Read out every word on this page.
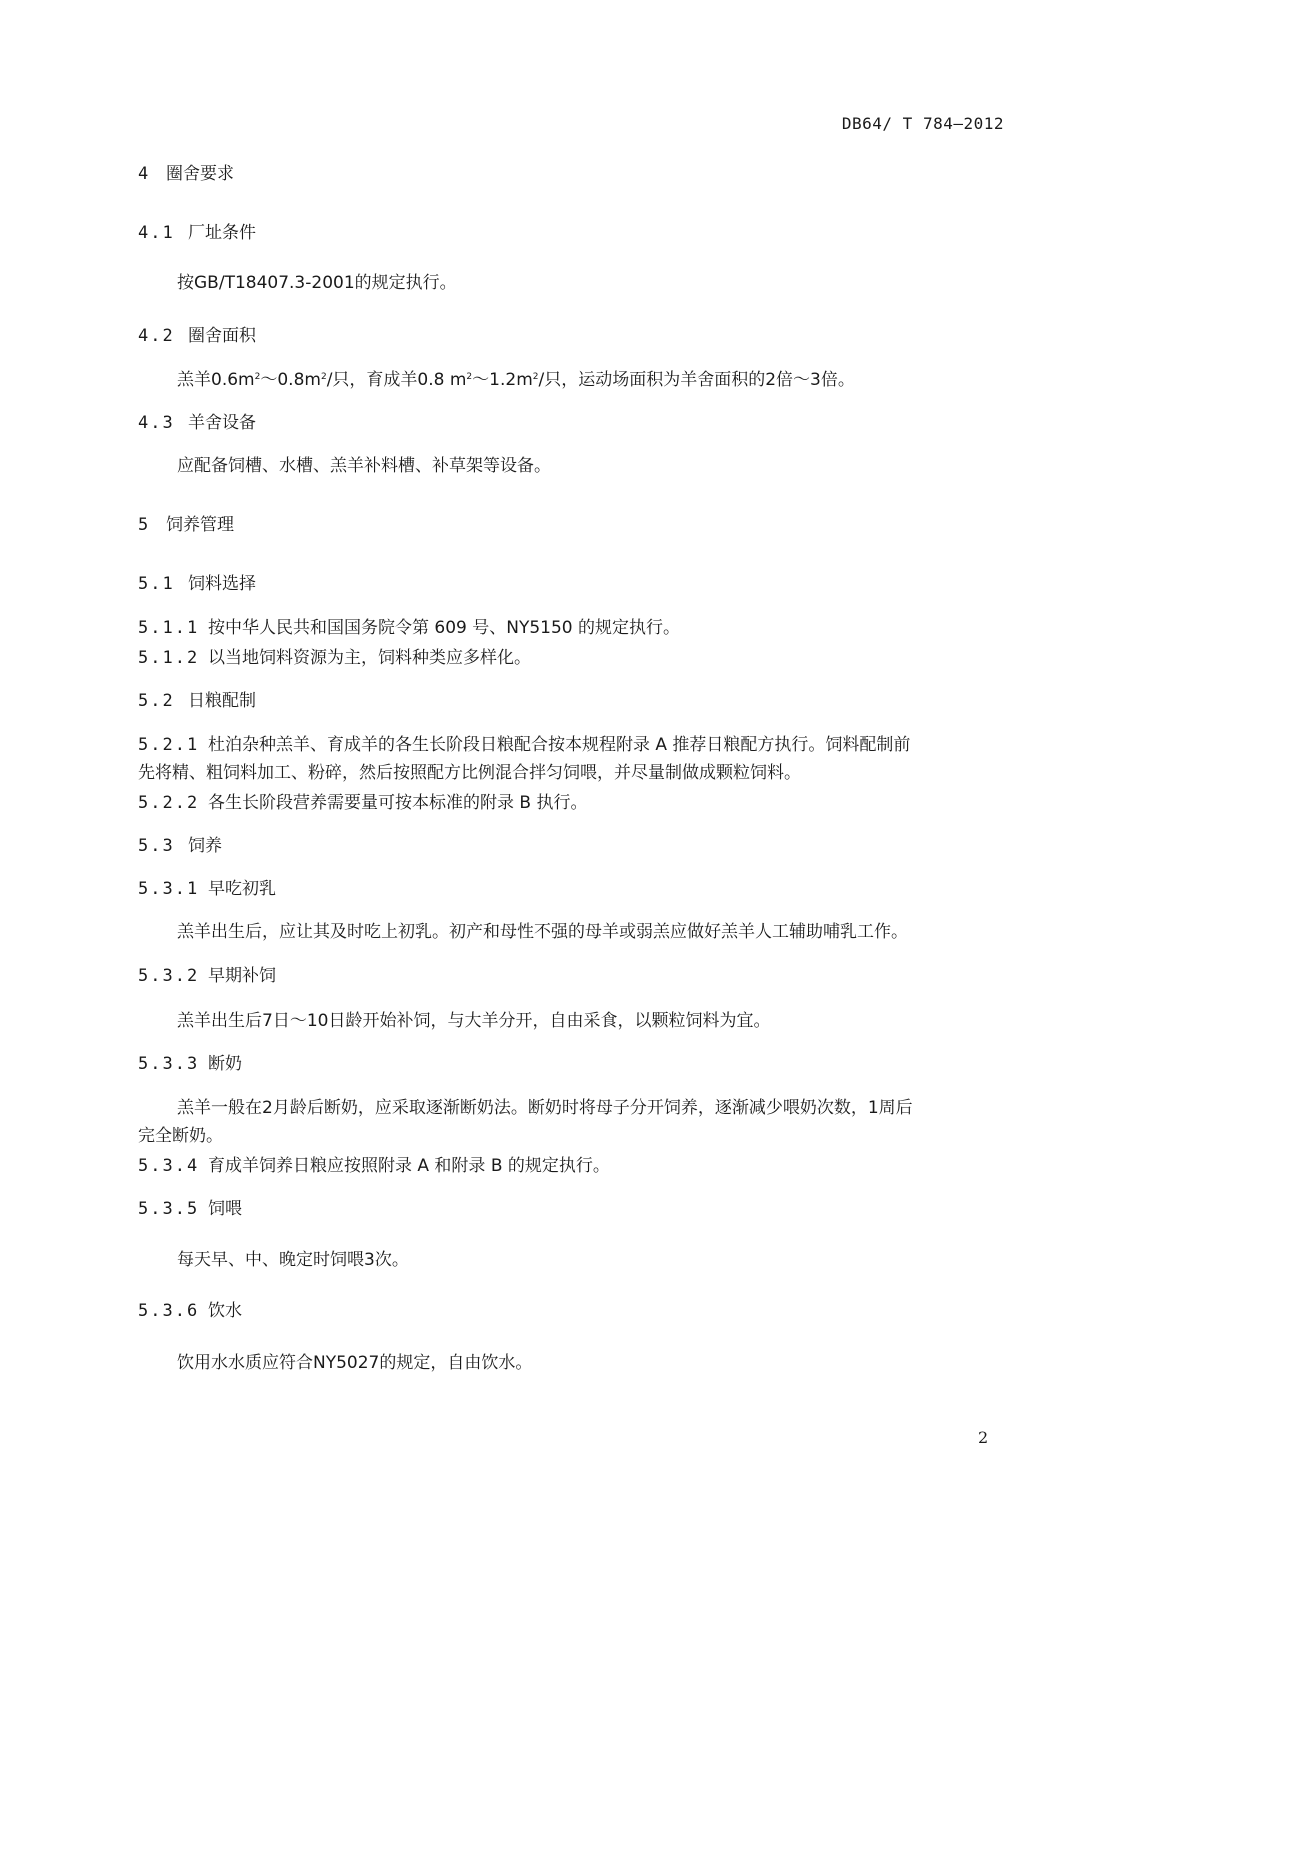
DB64/ T 784—2012
4 圈舍要求
4.1 厂址条件
按GB/T18407.3-2001的规定执行。
4.2 圈舍面积
羔羊$0.6m^2\sim 0.8m^2/$只，育成羊0.8 $m^2\sim 1.2m^2/$只，运动场面积为羊舍面积的2倍～3倍。
4.3 羊舍设备
应配备饲槽、水槽、羔羊补料槽、补草架等设备。
5 饲养管理
5.1 饲料选择
5.1.1 按中华人民共和国国务院令第 609 号、NY5150 的规定执行。
5.1.2 以当地饲料资源为主，饲料种类应多样化。
5.2 日粮配制
5.2.1 杜泊杂种羔羊、育成羊的各生长阶段日粮配合按本规程附录 A 推荐日粮配方执行。饲料配制前
先将精、粗饲料加工、粉碎，然后按照配方比例混合拌匀饲喂，并尽量制做成颗粒饲料。
5.2.2 各生长阶段营养需要量可按本标准的附录 B 执行。
5.3 饲养
5.3.1 早吃初乳
羔羊出生后，应让其及时吃上初乳。初产和母性不强的母羊或弱羔应做好羔羊人工辅助哺乳工作。
5.3.2 早期补饲
羔羊出生后7日～10日龄开始补饲，与大羊分开，自由采食，以颗粒饲料为宜。
5.3.3 断奶
羔羊一般在2月龄后断奶，应采取逐渐断奶法。断奶时将母子分开饲养，逐渐减少喂奶次数，1周后
完全断奶。
5.3.4 育成羊饲养日粮应按照附录 A 和附录 B 的规定执行。
5.3.5 饲喂
每天早、中、晚定时饲喂3次。
5.3.6 饮水
饮用水水质应符合NY5027的规定，自由饮水。
2
